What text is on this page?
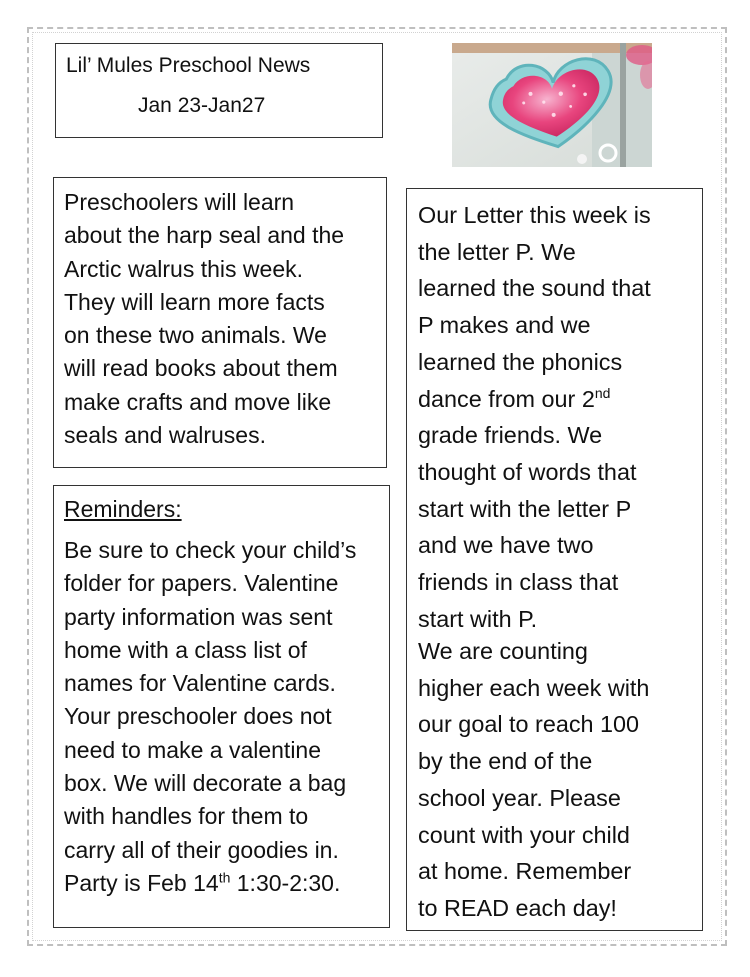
Lil’ Mules Preschool News
Jan 23-Jan27

Preschoolers will learn
about the harp seal and the
Arctic walrus this week.
They will learn more facts
on these two animals. We
will read books about them
make crafts and move like
seals and walruses.

Reminders:

Be sure to check your child’s
folder for papers. Valentine
party information was sent
home with a class list of
names for Valentine cards.
Your preschooler does not
need to make a valentine
box. We will decorate a bag
with handles for them to
carry all of their goodies in.
Party is Feb 14th 1:30-2:30.

Our Letter this week is
the letter P. We
learned the sound that
P makes and we
learned the phonics
dance from our 2nd
grade friends. We
thought of words that
start with the letter P
and we have two
friends in class that
start with P.

We are counting
higher each week with
our goal to reach 100
by the end of the
school year. Please
count with your child
at home. Remember
to READ each day!
